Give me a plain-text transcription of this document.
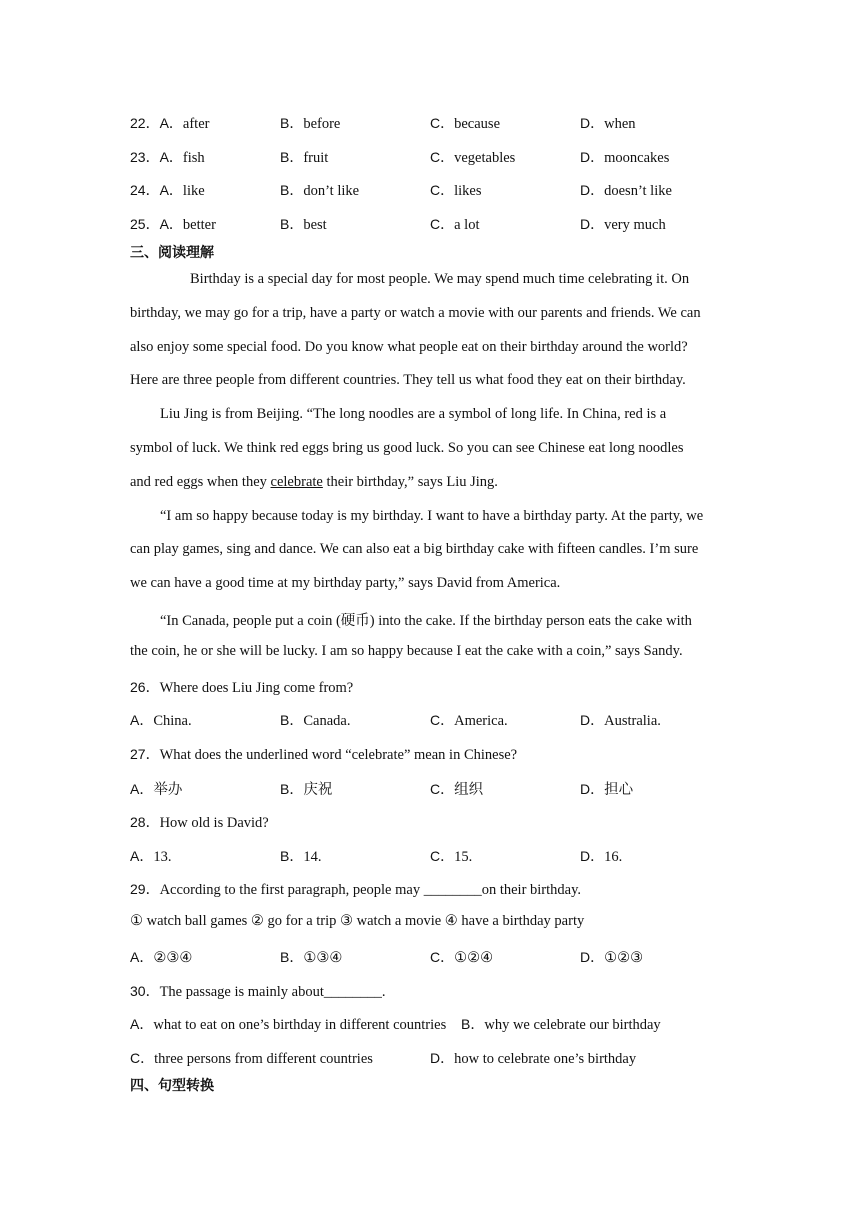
22．A．after	B．before	C．because	D．when
23．A．fish	B．fruit	C．vegetables	D．mooncakes
24．A．like	B．don’t like	C．likes	D．doesn’t like
25．A．better	B．best	C．a lot	D．very much
三、阅读理解
Birthday is a special day for most people. We may spend much time celebrating it. On
birthday, we may go for a trip, have a party or watch a movie with our parents and friends. We can
also enjoy some special food. Do you know what people eat on their birthday around the world?
Here are three people from different countries. They tell us what food they eat on their birthday.
Liu Jing is from Beijing. “The long noodles are a symbol of long life. In China, red is a
symbol of luck. We think red eggs bring us good luck. So you can see Chinese eat long noodles
and red eggs when they celebrate their birthday,” says Liu Jing.
“I am so happy because today is my birthday. I want to have a birthday party. At the party, we
can play games, sing and dance. We can also eat a big birthday cake with fifteen candles. I’m sure
we can have a good time at my birthday party,” says David from America.
“In Canada, people put a coin (硬币) into the cake. If the birthday person eats the cake with
the coin, he or she will be lucky. I am so happy because I eat the cake with a coin,” says Sandy.
26．Where does Liu Jing come from?
A．China.	B．Canada.	C．America.	D．Australia.
27．What does the underlined word “celebrate” mean in Chinese?
A．举办	B．庆祝	C．组织	D．担心
28．How old is David?
A．13.	B．14.	C．15.	D．16.
29．According to the first paragraph, people may ________on their birthday.
① watch ball games ② go for a trip ③ watch a movie ④ have a birthday party
A．②③④	B．①③④	C．①②④	D．①②③
30．The passage is mainly about________.
A．what to eat on one’s birthday in different countries B．why we celebrate our birthday
C．three persons from different countries	D．how to celebrate one’s birthday
四、句型转换
